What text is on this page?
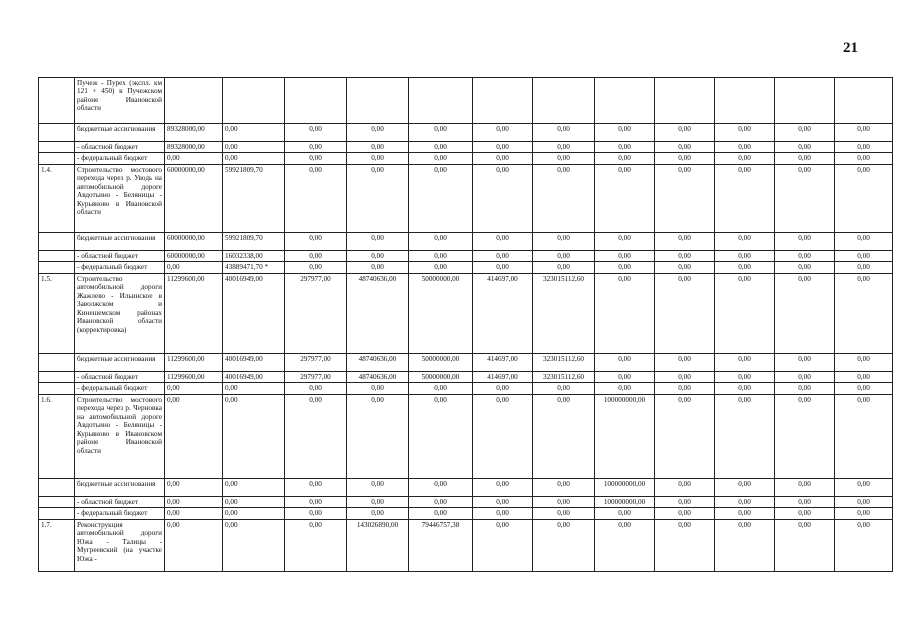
21
	Пучеж - Пурех (экспл. км 121 + 450) в Пучежском районе Ивановской области												
	бюджетные ассигнования	89328000,00	0,00	0,00	0,00	0,00	0,00	0,00	0,00	0,00	0,00	0,00	0,00
	- областной бюджет	89328000,00	0,00	0,00	0,00	0,00	0,00	0,00	0,00	0,00	0,00	0,00	0,00
	- федеральный бюджет	0,00	0,00	0,00	0,00	0,00	0,00	0,00	0,00	0,00	0,00	0,00	0,00
1.4.	Строительство мостового перехода через р. Уводь на автомобильной дороге Авдотьино - Беляницы - Курьяново в Ивановской области	60000000,00	59921809,70	0,00	0,00	0,00	0,00	0,00	0,00	0,00	0,00	0,00	0,00
	бюджетные ассигнования	60000000,00	59921809,70	0,00	0,00	0,00	0,00	0,00	0,00	0,00	0,00	0,00	0,00
	- областной бюджет	60000000,00	16032338,00	0,00	0,00	0,00	0,00	0,00	0,00	0,00	0,00	0,00	0,00
	- федеральный бюджет	0,00	43889471,70 *	0,00	0,00	0,00	0,00	0,00	0,00	0,00	0,00	0,00	0,00
1.5.	Строительство автомобильной дороги Жажлево - Ильинское в Заволжском и Кинешемском районах Ивановской области (корректировка)	11299600,00	40016949,00	297977,00	48740636,00	50000000,00	414697,00	323015112,60	0,00	0,00	0,00	0,00	0,00
	бюджетные ассигнования	11299600,00	40016949,00	297977,00	48740636,00	50000000,00	414697,00	323015112,60	0,00	0,00	0,00	0,00	0,00
	- областной бюджет	11299600,00	40016949,00	297977,00	48740636,00	50000000,00	414697,00	323015112,60	0,00	0,00	0,00	0,00	0,00
	- федеральный бюджет	0,00	0,00	0,00	0,00	0,00	0,00	0,00	0,00	0,00	0,00	0,00	0,00
1.6.	Строительство мостового перехода через р. Черновка на автомобильной дороге Авдотьино - Беляницы - Курьяново в Ивановском районе Ивановской области	0,00	0,00	0,00	0,00	0,00	0,00	0,00	100000000,00	0,00	0,00	0,00	0,00
	бюджетные ассигнования	0,00	0,00	0,00	0,00	0,00	0,00	0,00	100000000,00	0,00	0,00	0,00	0,00
	- областной бюджет	0,00	0,00	0,00	0,00	0,00	0,00	0,00	100000000,00	0,00	0,00	0,00	0,00
	- федеральный бюджет	0,00	0,00	0,00	0,00	0,00	0,00	0,00	0,00	0,00	0,00	0,00	0,00
1.7.	Реконструкция автомобильной дороги Южа - Талицы - Мугреевский (на участке Южа -	0,00	0,00	0,00	143026890,00	79446757,38	0,00	0,00	0,00	0,00	0,00	0,00	0,00
